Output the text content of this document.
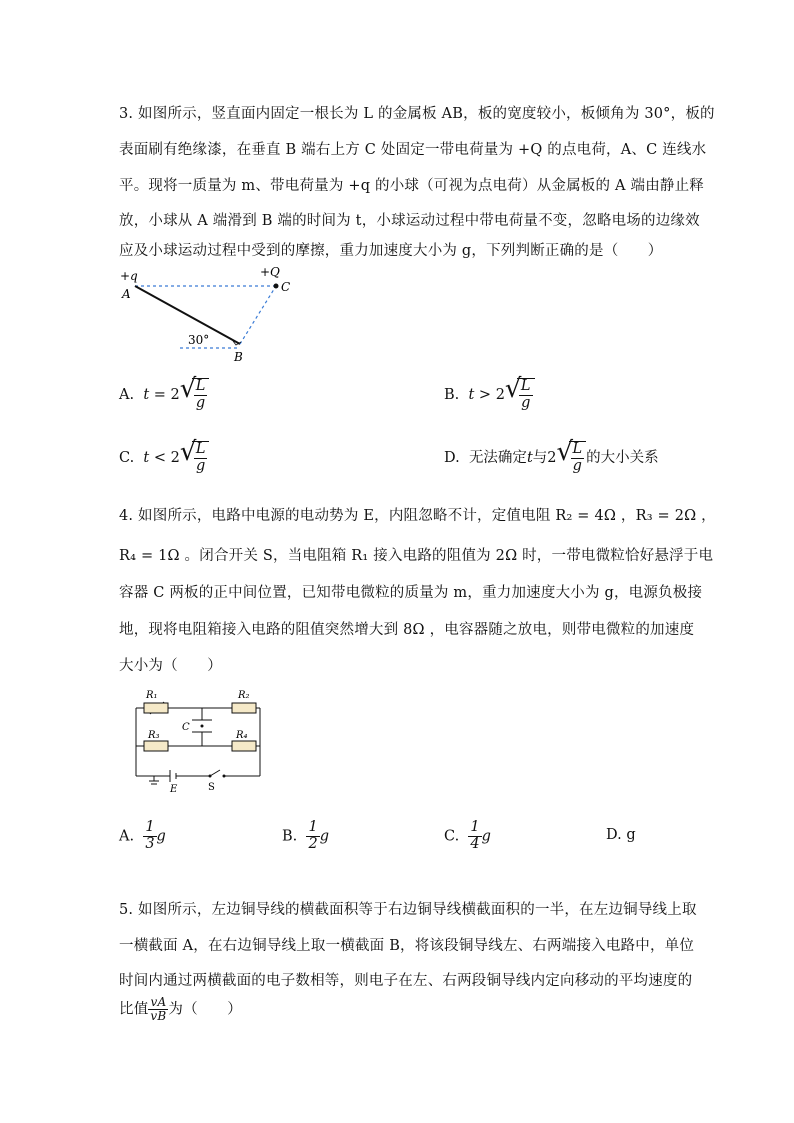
3. 如图所示，竖直面内固定一根长为 L 的金属板 AB，板的宽度较小，板倾角为 30°，板的
表面刷有绝缘漆，在垂直 B 端右上方 C 处固定一带电荷量为 +Q 的点电荷，A、C 连线水
平。现将一质量为 m、带电荷量为 +q 的小球（可视为点电荷）从金属板的 A 端由静止释
放，小球从 A 端滑到 B 端的时间为 t，小球运动过程中带电荷量不变，忽略电场的边缘效
应及小球运动过程中受到的摩擦，重力加速度大小为 g，下列判断正确的是（　　）
+q
A
+Q
C
B
30°
A. t = 2 √
$\frac{L}{g}$	B. t > 2 √
$\frac{L}{g}$
C. t < 2 √
$\frac{L}{g}$	D. 无法确定t与2 √
$\frac{L}{g}$ 的大小关系
4. 如图所示，电路中电源的电动势为 E，内阻忽略不计，定值电阻 R₂ = 4Ω ，R₃ = 2Ω ，
R₄ = 1Ω 。闭合开关 S，当电阻箱 R₁ 接入电路的阻值为 2Ω 时，一带电微粒恰好悬浮于电
容器 C 两板的正中间位置，已知带电微粒的质量为 m，重力加速度大小为 g，电源负极接
地，现将电阻箱接入电路的阻值突然增大到 8Ω ，电容器随之放电，则带电微粒的加速度
大小为（　　）
R₁	R₂
R₃	R₄
C
E	S
A. $\frac{1}{3}$ g	B. $\frac{1}{2}$ g	C. $\frac{1}{4}$ g	D. g
5. 如图所示，左边铜导线的横截面积等于右边铜导线横截面积的一半，在左边铜导线上取
一横截面 A，在右边铜导线上取一横截面 B，将该段铜导线左、右两端接入电路中，单位
时间内通过两横截面的电子数相等，则电子在左、右两段铜导线内定向移动的平均速度的
比值 $\frac{vA}{vB}$ 为（　　）
